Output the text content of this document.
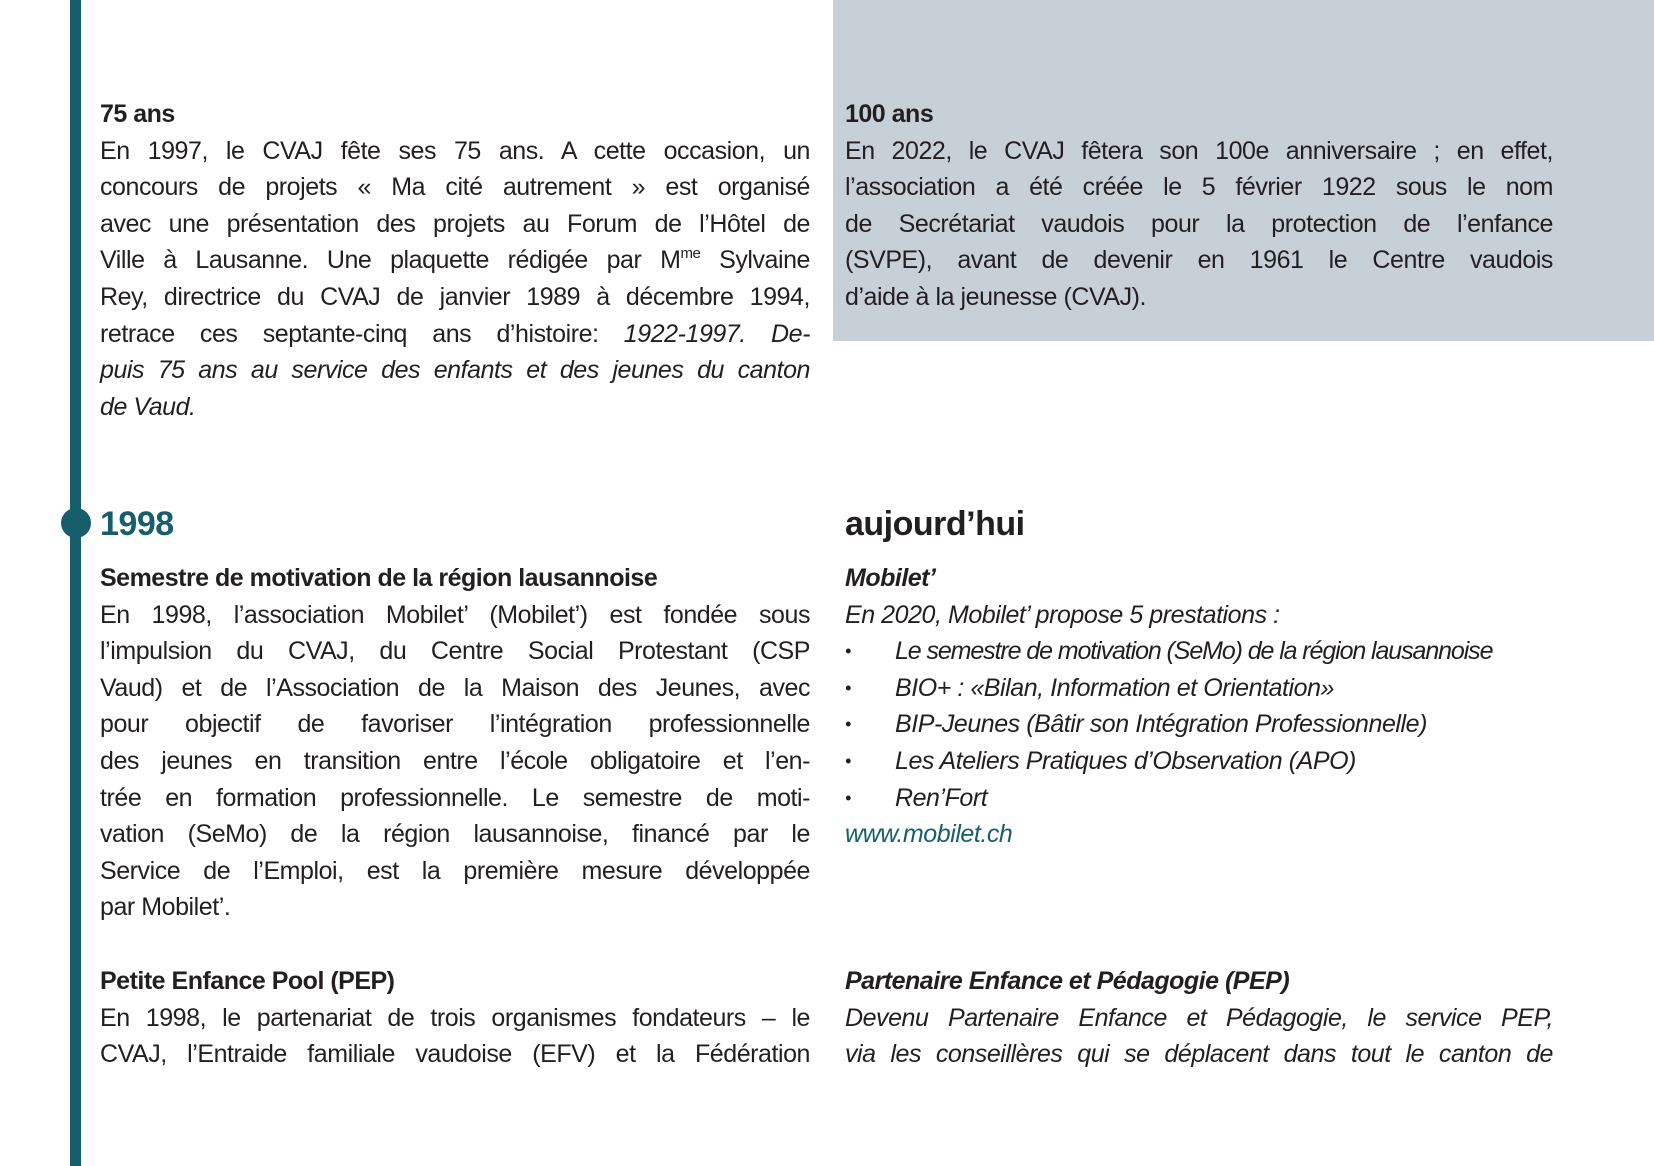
75 ans
En 1997, le CVAJ fête ses 75 ans. A cette occasion, un
concours de projets « Ma cité autrement » est organisé
avec une présentation des projets au Forum de l’Hôtel de
Ville à Lausanne. Une plaquette rédigée par $M^{me}$ Sylvaine
Rey, directrice du CVAJ de janvier 1989 à décembre 1994,
retrace ces septante-cinq ans d’histoire: 1922-1997. De-
puis 75 ans au service des enfants et des jeunes du canton
de Vaud.
100 ans
En 2022, le CVAJ fêtera son 100e anniversaire ; en effet,
l’association a été créée le 5 février 1922 sous le nom
de Secrétariat vaudois pour la protection de l’enfance
(SVPE), avant de devenir en 1961 le Centre vaudois
d’aide à la jeunesse (CVAJ).
1998
Semestre de motivation de la région lausannoise
En 1998, l’association Mobilet’ (Mobilet’) est fondée sous
l’impulsion du CVAJ, du Centre Social Protestant (CSP
Vaud) et de l’Association de la Maison des Jeunes, avec
pour objectif de favoriser l’intégration professionnelle
des jeunes en transition entre l’école obligatoire et l’en-
trée en formation professionnelle. Le semestre de moti-
vation (SeMo) de la région lausannoise, financé par le
Service de l’Emploi, est la première mesure développée
par Mobilet’.
Petite Enfance Pool (PEP)
En 1998, le partenariat de trois organismes fondateurs – le
CVAJ, l’Entraide familiale vaudoise (EFV) et la Fédération
aujourd’hui
Mobilet’
En 2020, Mobilet’ propose 5 prestations :
•	Le semestre de motivation (SeMo) de la région lausannoise
•	BIO+ : «Bilan, Information et Orientation»
•	BIP-Jeunes (Bâtir son Intégration Professionnelle)
•	Les Ateliers Pratiques d’Observation (APO)
•	Ren’Fort
www.mobilet.ch
Partenaire Enfance et Pédagogie (PEP)
Devenu Partenaire Enfance et Pédagogie, le service PEP,
via les conseillères qui se déplacent dans tout le canton de
